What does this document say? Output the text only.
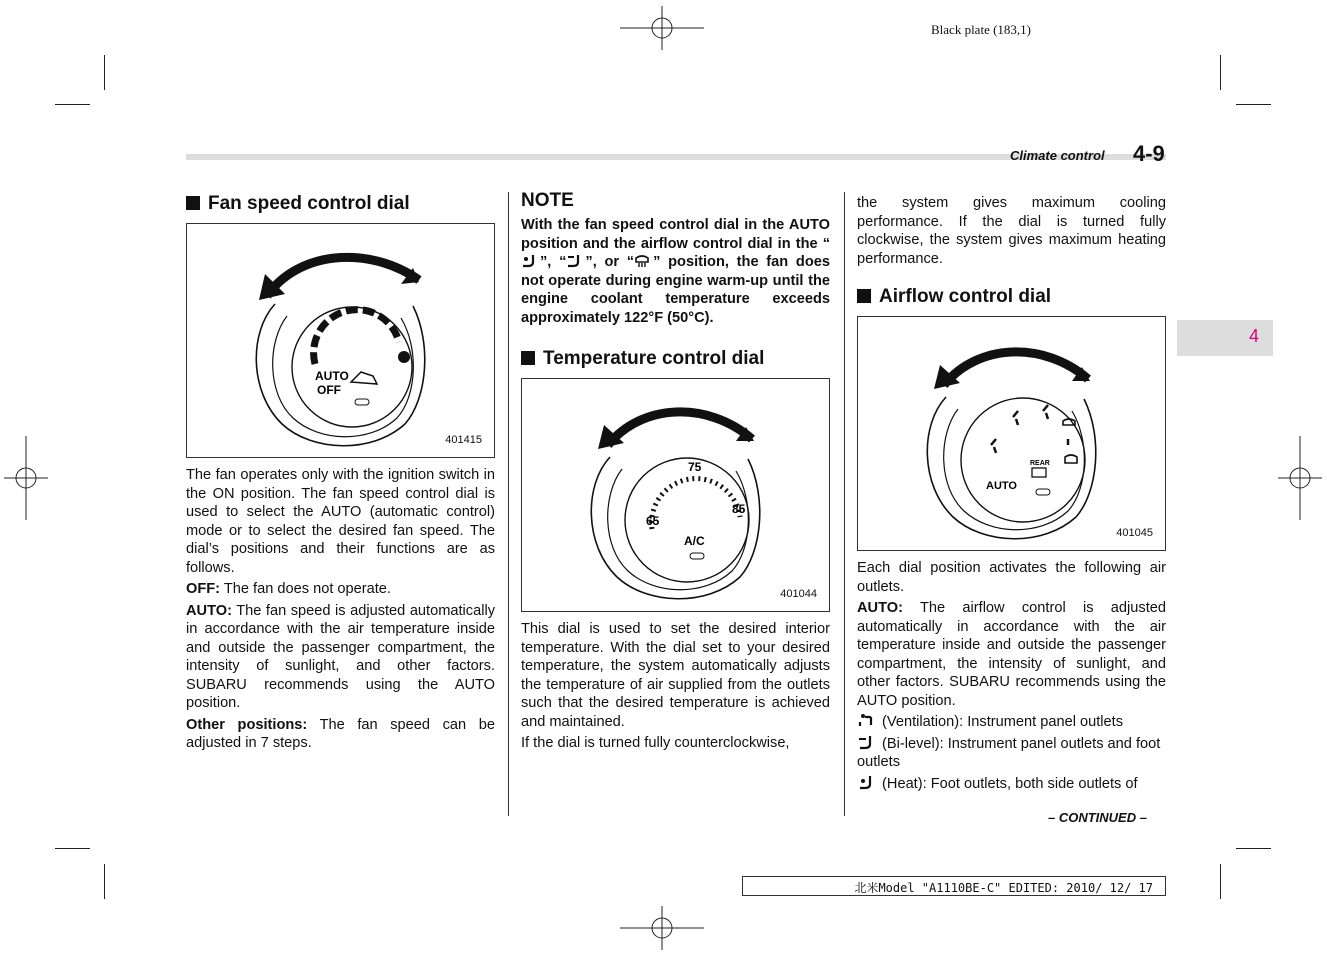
Black plate (183,1)
Climate control 4-9
4
Fan speed control dial
AUTO
OFF
401415

The fan operates only with the ignition switch in the ON position. The fan speed control dial is used to select the AUTO (automatic control) mode or to select the desired fan speed. The dial’s positions and their functions are as follows.

OFF: The fan does not operate.

AUTO: The fan speed is adjusted automatically in accordance with the air temperature inside and outside the passenger compartment, the intensity of sunlight, and other factors. SUBARU recommends using the AUTO position.

Other positions: The fan speed can be adjusted in 7 steps.

NOTE

With the fan speed control dial in the AUTO position and the airflow control dial in the “”, “ ”, or “ ” position, the fan does not operate during engine warm-up until the engine coolant temperature exceeds approximately 122°F (50°C).

Temperature control dial
65
75
85
A/C
401044

This dial is used to set the desired interior temperature. With the dial set to your desired temperature, the system automatically adjusts the temperature of air supplied from the outlets such that the desired temperature is achieved and maintained.

If the dial is turned fully counterclockwise,

the system gives maximum cooling performance. If the dial is turned fully clockwise, the system gives maximum heating performance.

Airflow control dial
AUTO
REAR
401045

Each dial position activates the following air outlets.

AUTO: The airflow control is adjusted automatically in accordance with the air temperature inside and outside the passenger compartment, the intensity of sunlight, and other factors. SUBARU recommends using the AUTO position.

(Ventilation): Instrument panel outlets

(Bi-level): Instrument panel outlets and foot outlets

(Heat): Foot outlets, both side outlets of

– CONTINUED –
北米Model "A1110BE-C" EDITED: 2010/ 12/ 17
